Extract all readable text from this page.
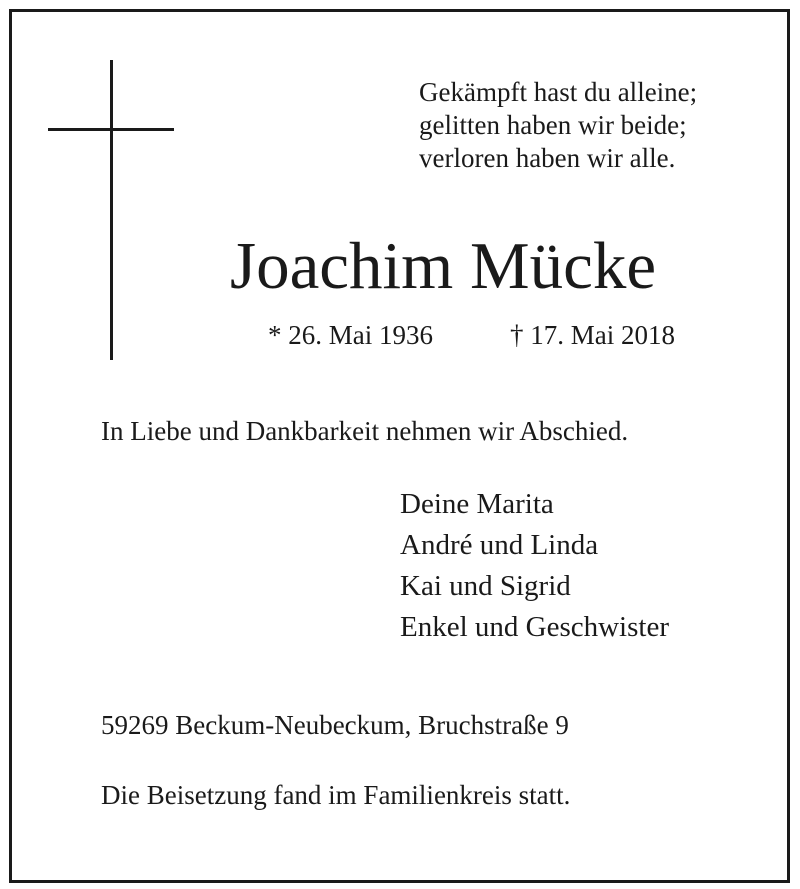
Gekämpft hast du alleine;
gelitten haben wir beide;
verloren haben wir alle.
Joachim Mücke
* 26. Mai 1936	† 17. Mai 2018
In Liebe und Dankbarkeit nehmen wir Abschied.
Deine Marita
André und Linda
Kai und Sigrid
Enkel und Geschwister
59269 Beckum-Neubeckum, Bruchstraße 9
Die Beisetzung fand im Familienkreis statt.
